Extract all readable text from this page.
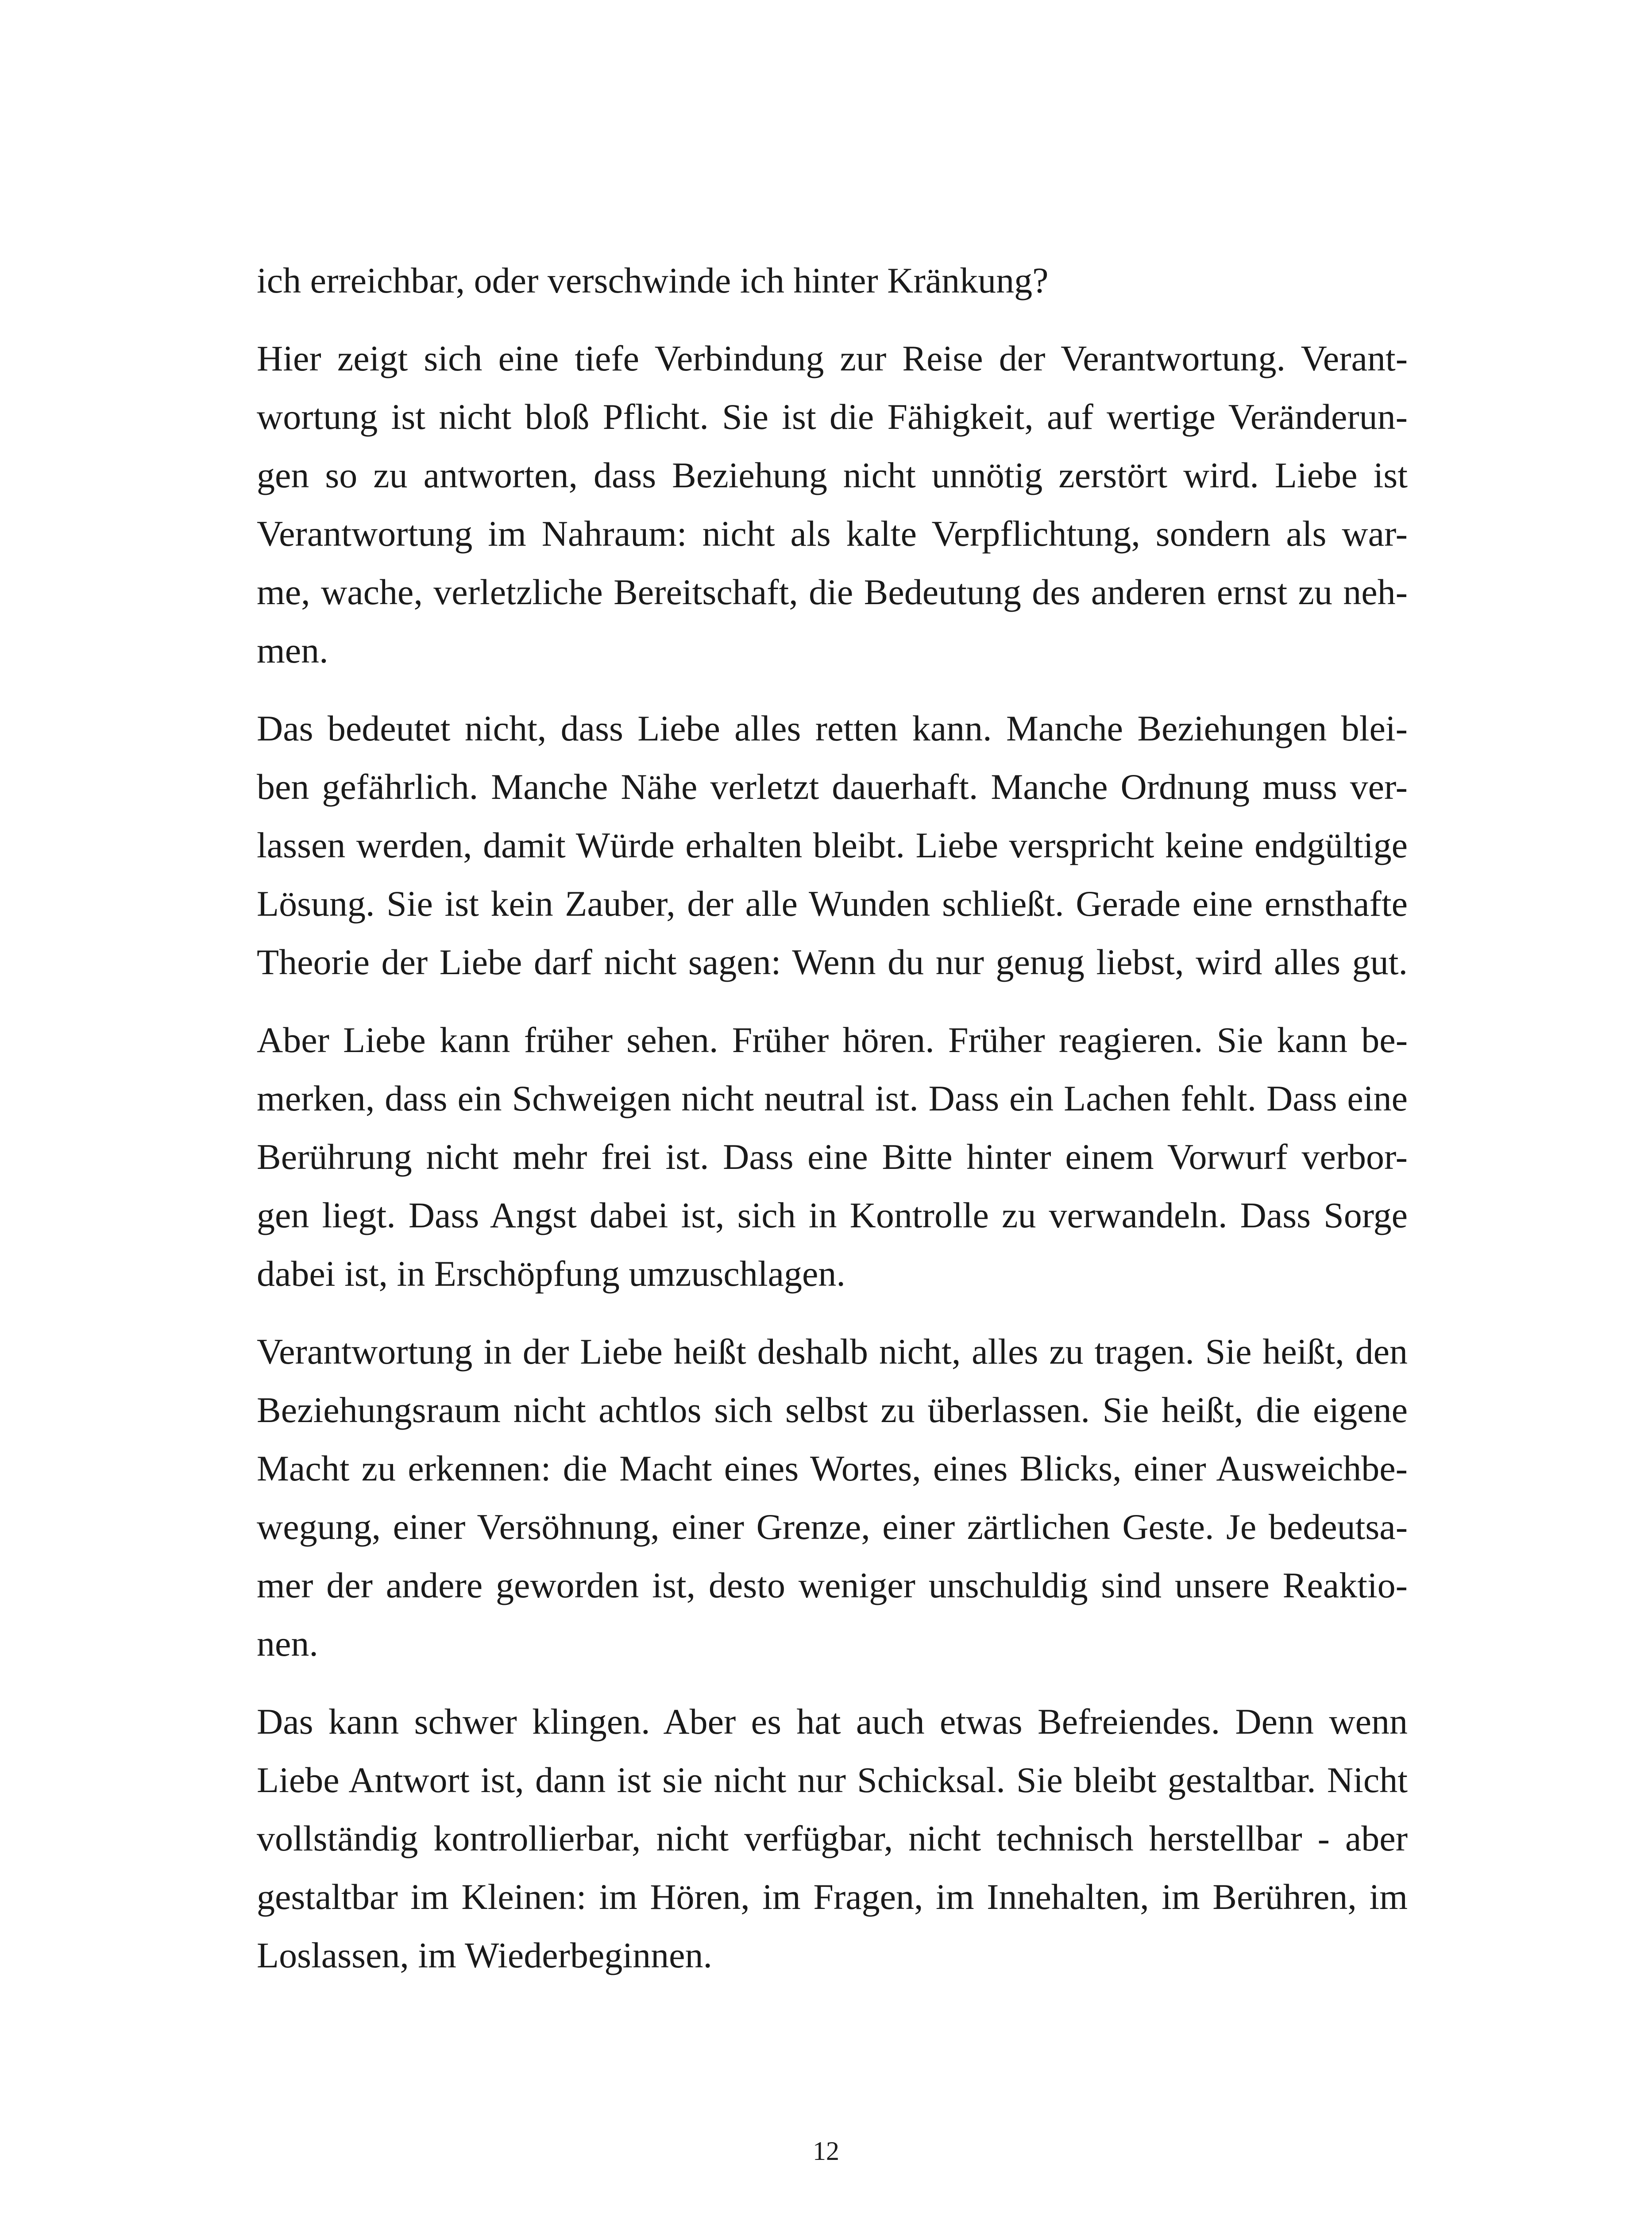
ich erreichbar, oder verschwinde ich hinter Kränkung?
Hier zeigt sich eine tiefe Verbindung zur Reise der Verantwortung. Verant-
wortung ist nicht bloß Pflicht. Sie ist die Fähigkeit, auf wertige Veränderun-
gen so zu antworten, dass Beziehung nicht unnötig zerstört wird. Liebe ist
Verantwortung im Nahraum: nicht als kalte Verpflichtung, sondern als war-
me, wache, verletzliche Bereitschaft, die Bedeutung des anderen ernst zu neh-
men.
Das bedeutet nicht, dass Liebe alles retten kann. Manche Beziehungen blei-
ben gefährlich. Manche Nähe verletzt dauerhaft. Manche Ordnung muss ver-
lassen werden, damit Würde erhalten bleibt. Liebe verspricht keine endgültige
Lösung. Sie ist kein Zauber, der alle Wunden schließt. Gerade eine ernsthafte
Theorie der Liebe darf nicht sagen: Wenn du nur genug liebst, wird alles gut.
Aber Liebe kann früher sehen. Früher hören. Früher reagieren. Sie kann be-
merken, dass ein Schweigen nicht neutral ist. Dass ein Lachen fehlt. Dass eine
Berührung nicht mehr frei ist. Dass eine Bitte hinter einem Vorwurf verbor-
gen liegt. Dass Angst dabei ist, sich in Kontrolle zu verwandeln. Dass Sorge
dabei ist, in Erschöpfung umzuschlagen.
Verantwortung in der Liebe heißt deshalb nicht, alles zu tragen. Sie heißt, den
Beziehungsraum nicht achtlos sich selbst zu überlassen. Sie heißt, die eigene
Macht zu erkennen: die Macht eines Wortes, eines Blicks, einer Ausweichbe-
wegung, einer Versöhnung, einer Grenze, einer zärtlichen Geste. Je bedeutsa-
mer der andere geworden ist, desto weniger unschuldig sind unsere Reaktio-
nen.
Das kann schwer klingen. Aber es hat auch etwas Befreiendes. Denn wenn
Liebe Antwort ist, dann ist sie nicht nur Schicksal. Sie bleibt gestaltbar. Nicht
vollständig kontrollierbar, nicht verfügbar, nicht technisch herstellbar - aber
gestaltbar im Kleinen: im Hören, im Fragen, im Innehalten, im Berühren, im
Loslassen, im Wiederbeginnen.
12
